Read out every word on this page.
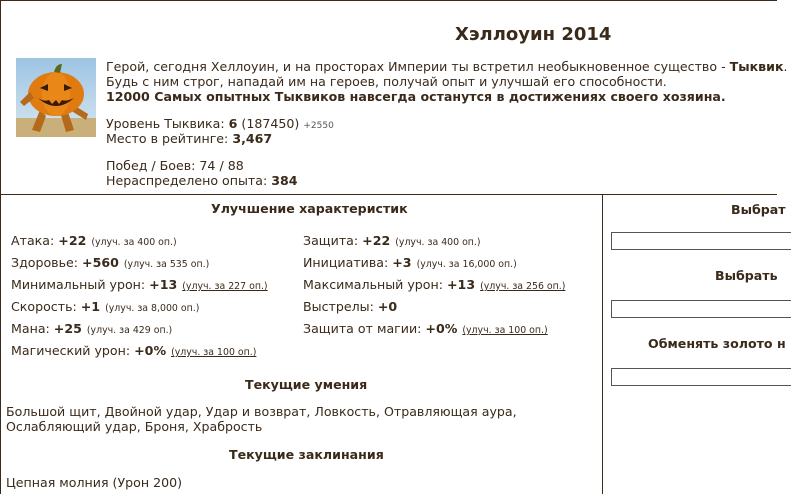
Хэллоуин 2014
Герой, сегодня Хеллоуин, и на просторах Империи ты встретил необыкновенное существо - Тыквик.
Будь с ним строг, нападай им на героев, получай опыт и улучшай его способности.
12000 Самых опытных Тыквиков навсегда останутся в достижениях своего хозяина.
Уровень Тыквика: 6 (187450) +2550
Место в рейтинге: 3,467
Побед / Боев: 74 / 88
Нераспределено опыта: 384
Улучшение характеристик
Атака: +22 (улуч. за 400 оп.)
Здоровье: +560 (улуч. за 535 оп.)
Минимальный урон: +13 (улуч. за 227 оп.)
Скорость: +1 (улуч. за 8,000 оп.)
Мана: +25 (улуч. за 429 оп.)
Магический урон: +0% (улуч. за 100 оп.)
Защита: +22 (улуч. за 400 оп.)
Инициатива: +3 (улуч. за 16,000 оп.)
Максимальный урон: +13 (улуч. за 256 оп.)
Выстрелы: +0
Защита от магии: +0% (улуч. за 100 оп.)
Текущие умения
Большой щит, Двойной удар, Удар и возврат, Ловкость, Отравляющая аура,
Ослабляющий удар, Броня, Храбрость
Текущие заклинания
Цепная молния (Урон 200)
Выбрат
Выбрать
Обменять золото н
